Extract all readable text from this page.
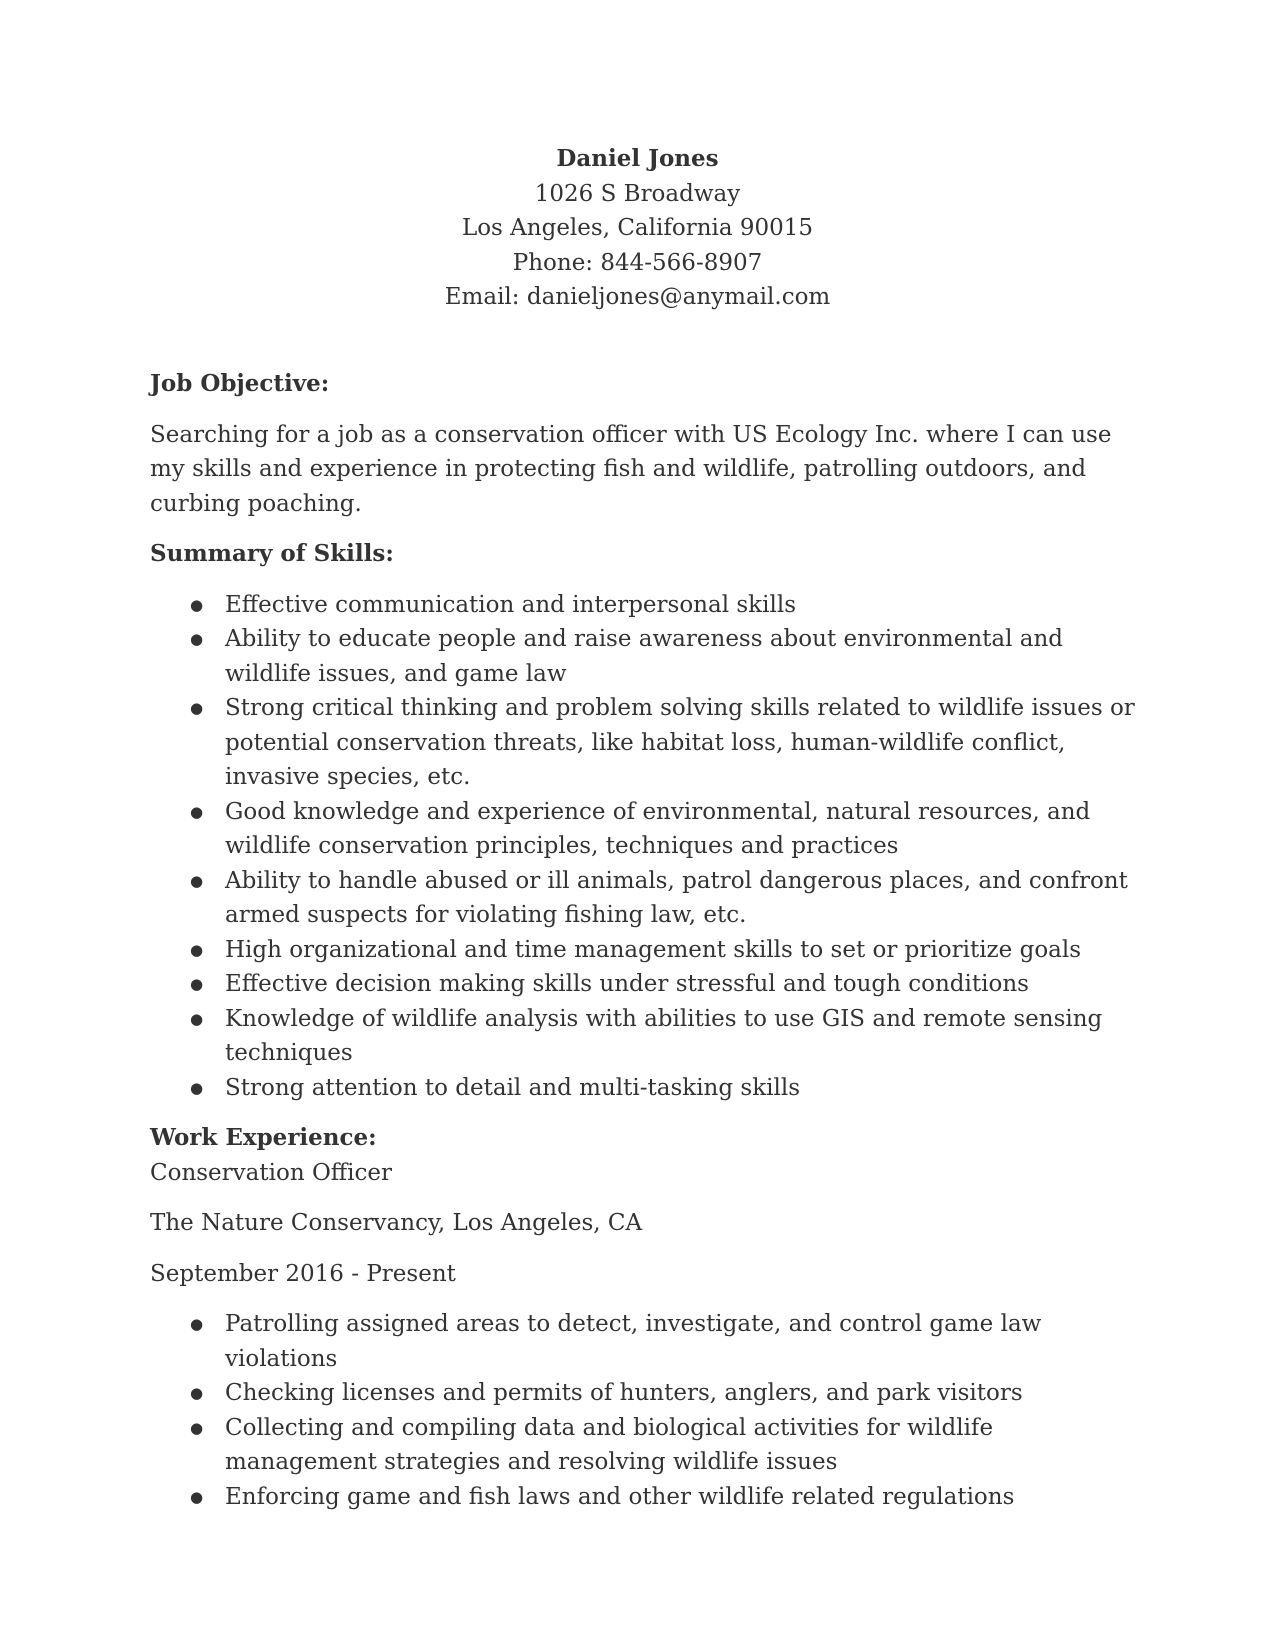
Daniel Jones
1026 S Broadway
Los Angeles, California 90015
Phone: 844-566-8907
Email: danieljones@anymail.com

Job Objective:

Searching for a job as a conservation officer with US Ecology Inc. where I can use my skills and experience in protecting fish and wildlife, patrolling outdoors, and curbing poaching.

Summary of Skills:

● Effective communication and interpersonal skills
● Ability to educate people and raise awareness about environmental and wildlife issues, and game law
● Strong critical thinking and problem solving skills related to wildlife issues or potential conservation threats, like habitat loss, human-wildlife conflict, invasive species, etc.
● Good knowledge and experience of environmental, natural resources, and wildlife conservation principles, techniques and practices
● Ability to handle abused or ill animals, patrol dangerous places, and confront armed suspects for violating fishing law, etc.
● High organizational and time management skills to set or prioritize goals
● Effective decision making skills under stressful and tough conditions
● Knowledge of wildlife analysis with abilities to use GIS and remote sensing techniques
● Strong attention to detail and multi-tasking skills

Work Experience:

Conservation Officer

The Nature Conservancy, Los Angeles, CA

September 2016 - Present

● Patrolling assigned areas to detect, investigate, and control game law violations
● Checking licenses and permits of hunters, anglers, and park visitors
● Collecting and compiling data and biological activities for wildlife management strategies and resolving wildlife issues
● Enforcing game and fish laws and other wildlife related regulations
